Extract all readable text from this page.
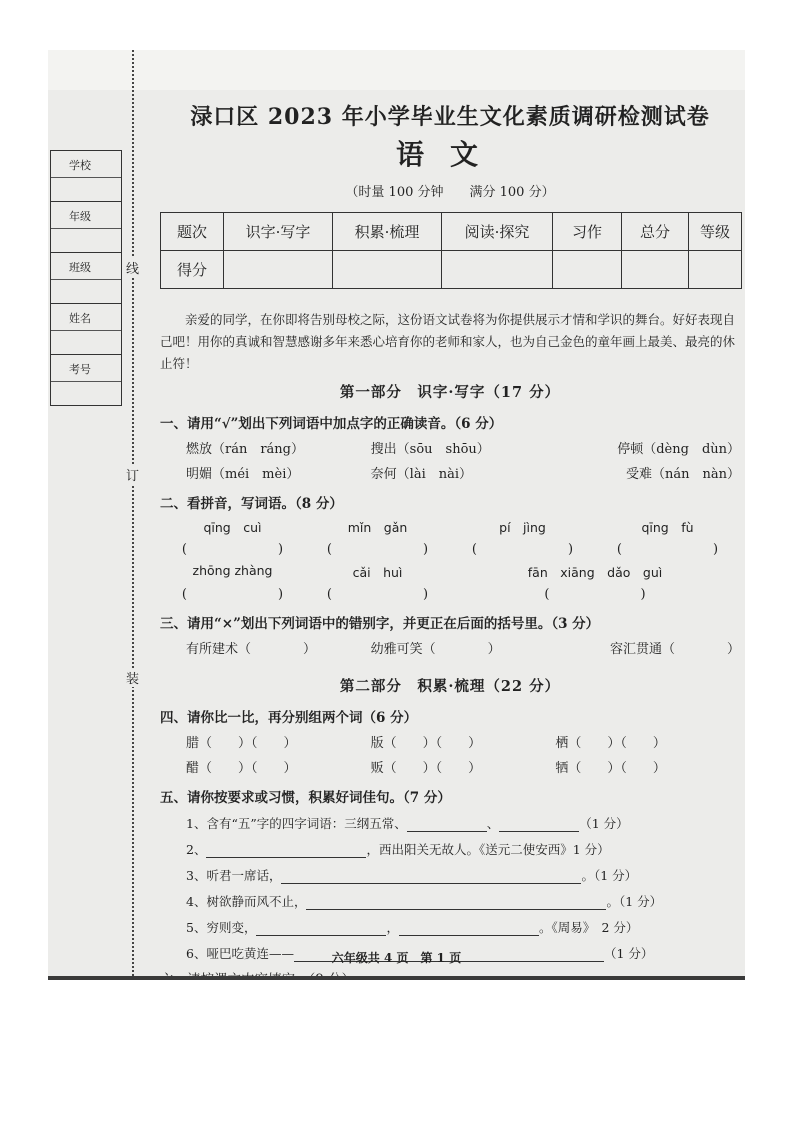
线
订
装
学校
年级
班级
姓名
考号
渌口区 2023 年小学毕业生文化素质调研检测试卷
语文
（时量 100 分钟　　满分 100 分）
题次	识字·写字	积累·梳理	阅读·探究	习作	总分	等级
得分						
亲爱的同学，在你即将告别母校之际，这份语文试卷将为你提供展示才情和学识的舞台。好好表现自己吧！用你的真诚和智慧感谢多年来悉心培育你的老师和家人，也为自己金色的童年画上最美、最亮的休止符！
第一部分　识字·写字（17 分）
一、请用“√”划出下列词语中加点字的正确读音。（6 分）
燃放（rán　ráng）	搜出（sōu　shōu）	停顿（dèng　dùn）
明媚（méi　mèi）	奈何（lài　nài）	受难（nán　nàn）
二、看拼音，写词语。（8 分）
qīng　cuì	mǐn　gǎn	pí　jìng	qīng　fù
(　　　　　　　)	(　　　　　　　)	(　　　　　　　)	(　　　　　　　)
zhōng zhàng	cǎi　huì	fān　xiāng　dǎo　guì
(　　　　　　　)	(　　　　　　　)	(　　　　　　　)
三、请用“×”划出下列词语中的错别字，并更正在后面的括号里。（3 分）
有所建术（　　　　）	幼雅可笑（　　　　）	容汇贯通（　　　　）
第二部分　积累·梳理（22 分）
四、请你比一比，再分别组两个词（6 分）
腊（　　）（　　）	版（　　）（　　）	栖（　　）（　　）
醋（　　）（　　）	贩（　　）（　　）	牺（　　）（　　）
五、请你按要求或习惯，积累好词佳句。（7 分）
1、含有“五”字的四字词语：三纲五常、	、	（1 分）
2、	，西出阳关无故人。《送元二使安西》1 分）
3、听君一席话，	。（1 分）
4、树欲静而风不止，	。（1 分）
5、穷则变，	，	。《周易》　2 分）
6、哑巴吃黄连——	（1 分）
六年级共 4 页　第 1 页
